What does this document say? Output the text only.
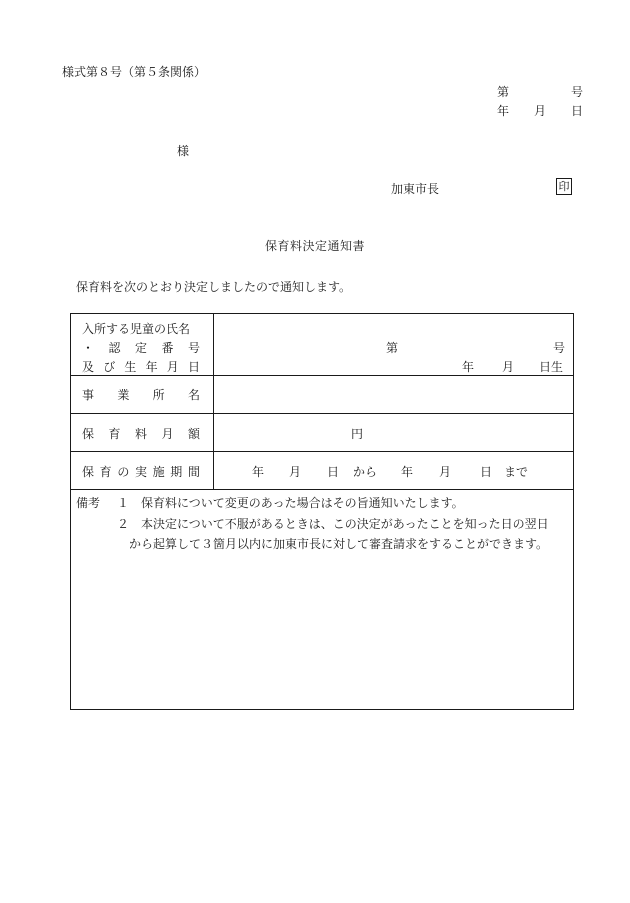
様式第８号（第５条関係）
第	号
年 月 日
様
加東市長	印
保育料決定通知書
保育料を次のとおり決定しましたので通知します。
入所する児童の氏名
・ 認 定 番 号
及 び 生 年 月 日
第	号
年 月 日生
事 業 所 名
保 育 料 月 額	円
保 育 の 実 施 期 間	年 月 日 から 年 月 日 まで
備考 １ 保育料について変更のあった場合はその旨通知いたします。
２ 本決定について不服があるときは、この決定があったことを知った日の翌日
から起算して３箇月以内に加東市長に対して審査請求をすることができます。
